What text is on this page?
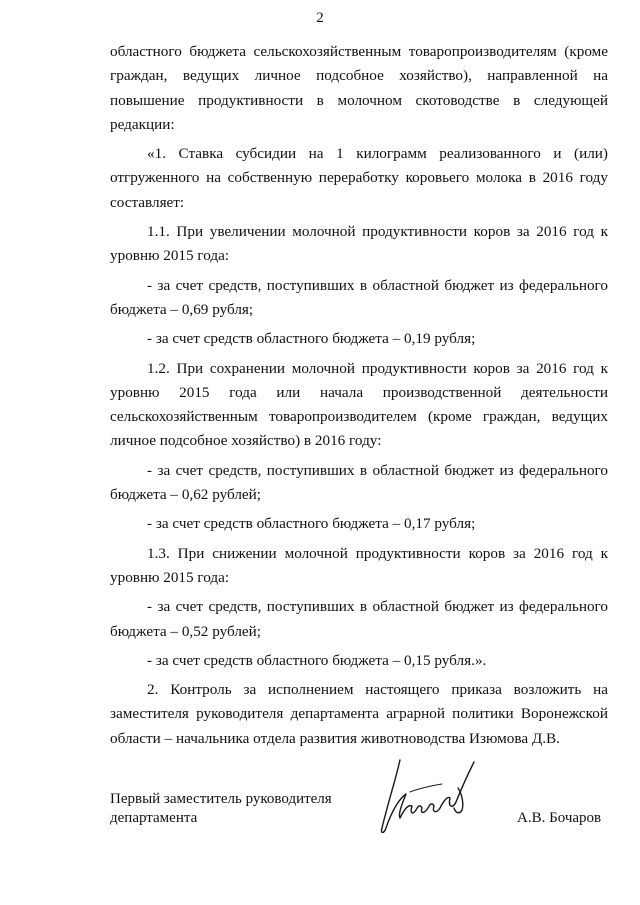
2

областного бюджета сельскохозяйственным товаропроизводителям (кроме граждан, ведущих личное подсобное хозяйство), направленной на повышение продуктивности в молочном скотоводстве в следующей редакции:

«1. Ставка субсидии на 1 килограмм реализованного и (или) отгруженного на собственную переработку коровьего молока в 2016 году составляет:

1.1. При увеличении молочной продуктивности коров за 2016 год к уровню 2015 года:

- за счет средств, поступивших в областной бюджет из федерального бюджета – 0,69 рубля;

- за счет средств областного бюджета – 0,19 рубля;

1.2. При сохранении молочной продуктивности коров за 2016 год к уровню 2015 года или начала производственной деятельности сельскохозяйственным товаропроизводителем (кроме граждан, ведущих личное подсобное хозяйство) в 2016 году:

- за счет средств, поступивших в областной бюджет из федерального бюджета – 0,62 рублей;

- за счет средств областного бюджета – 0,17 рубля;

1.3. При снижении молочной продуктивности коров за 2016 год к уровню 2015 года:

- за счет средств, поступивших в областной бюджет из федерального бюджета – 0,52 рублей;

- за счет средств областного бюджета – 0,15 рубля.».

2. Контроль за исполнением настоящего приказа возложить на заместителя руководителя департамента аграрной политики Воронежской области – начальника отдела развития животноводства Изюмова Д.В.

Первый заместитель руководителя
департамента	А.В. Бочаров
